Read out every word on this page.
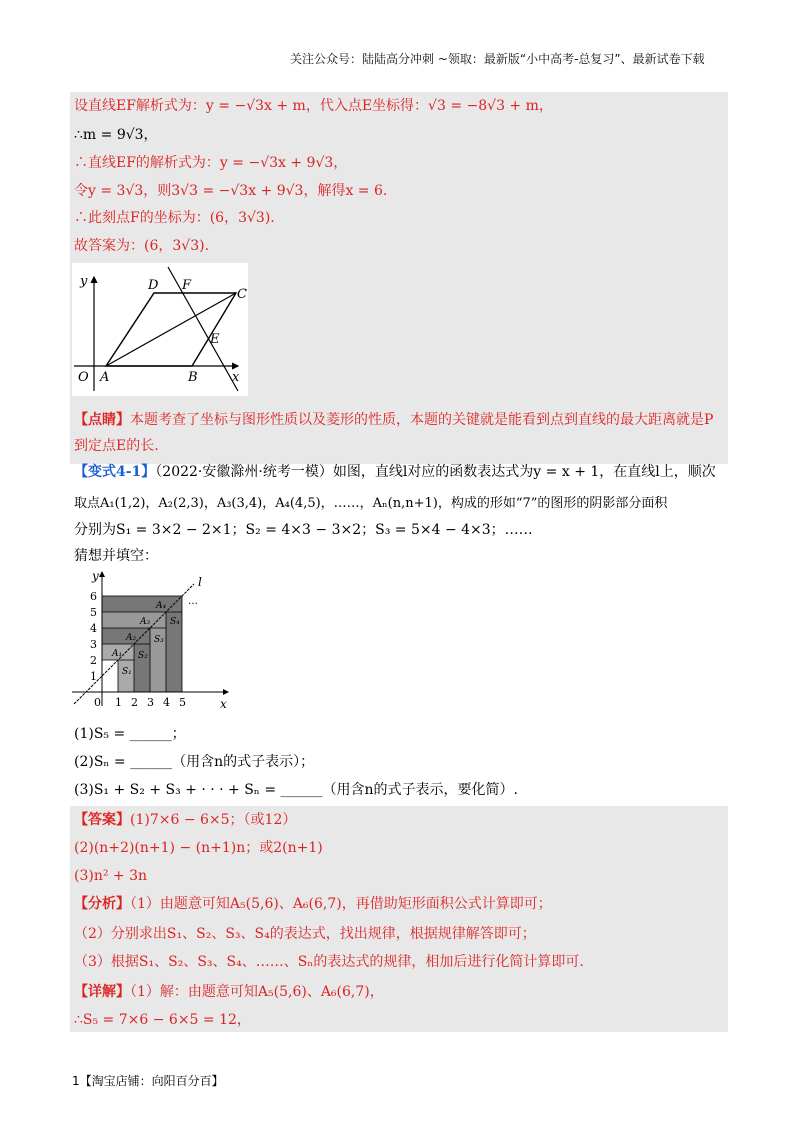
关注公众号：陆陆高分冲刺 ~领取：最新版“小中高考-总复习”、最新试卷下载
设直线EF解析式为：y = −√3x + m，代入点E坐标得：√3 = −8√3 + m，
∴m = 9√3，
∴直线EF的解析式为：y = −√3x + 9√3，
令y = 3√3，则3√3 = −√3x + 9√3，解得x = 6.
∴此刻点F的坐标为：(6，3√3).
故答案为：(6，3√3).
y	D F
C
E
O A	B	x
【点睛】本题考查了坐标与图形性质以及菱形的性质，本题的关键就是能看到点到直线的最大距离就是P
到定点E的长.
【变式4-1】（2022·安徽滁州·统考一模）如图，直线l对应的函数表达式为y = x + 1，在直线l上，顺次
取点A₁(1,2)，A₂(2,3)，A₃(3,4)，A₄(4,5)，……，Aₙ(n,n+1)，构成的形如“7”的图形的阴影部分面积
分别为S₁ = 3×2 − 2×1；S₂ = 4×3 − 3×2；S₃ = 5×4 − 4×3；……
猜想并填空：
y
x
l
…
6
5
4
3
2
1
0 1 2 3 4 5
A₁
A₂
A₃
A₄
S₁
S₂
S₃
S₄
(1)S₅ = ______；
(2)Sₙ = ______（用含n的式子表示）；
(3)S₁ + S₂ + S₃ + · · · + Sₙ = ______（用含n的式子表示，要化简）.
【答案】(1)7×6 − 6×5；（或12）
(2)(n+2)(n+1) − (n+1)n；或2(n+1)
(3)n² + 3n
【分析】（1）由题意可知A₅(5,6)、A₆(6,7)，再借助矩形面积公式计算即可；
（2）分别求出S₁、S₂、S₃、S₄的表达式，找出规律，根据规律解答即可；
（3）根据S₁、S₂、S₃、S₄、……、Sₙ的表达式的规律，相加后进行化简计算即可.
【详解】（1）解：由题意可知A₅(5,6)、A₆(6,7)，
∴S₅ = 7×6 − 6×5 = 12，
1【淘宝店铺：向阳百分百】
